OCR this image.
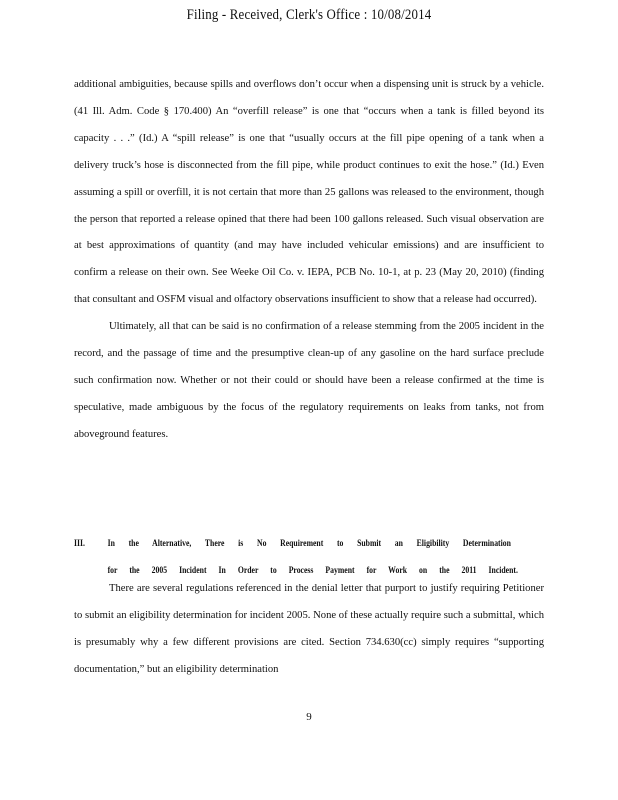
Filing - Received, Clerk's Office : 10/08/2014

additional ambiguities, because spills and overflows don’t occur when a dispensing unit is struck by a vehicle. (41 Ill. Adm. Code § 170.400) An “overfill release” is one that “occurs when a tank is filled beyond its capacity . . .” (Id.) A “spill release” is one that “usually occurs at the fill pipe opening of a tank when a delivery truck’s hose is disconnected from the fill pipe, while product continues to exit the hose.” (Id.) Even assuming a spill or overfill, it is not certain that more than 25 gallons was released to the environment, though the person that reported a release opined that there had been 100 gallons released. Such visual observation are at best approximations of quantity (and may have included vehicular emissions) and are insufficient to confirm a release on their own. See Weeke Oil Co. v. IEPA, PCB No. 10-1, at p. 23 (May 20, 2010) (finding that consultant and OSFM visual and olfactory observations insufficient to show that a release had occurred).

Ultimately, all that can be said is no confirmation of a release stemming from the 2005 incident in the record, and the passage of time and the presumptive clean-up of any gasoline on the hard surface preclude such confirmation now. Whether or not their could or should have been a release confirmed at the time is speculative, made ambiguous by the focus of the regulatory requirements on leaks from tanks, not from aboveground features.

III. In the Alternative, There is No Requirement to Submit an Eligibility Determination
for the 2005 Incident In Order to Process Payment for Work on the 2011 Incident.

There are several regulations referenced in the denial letter that purport to justify requiring Petitioner to submit an eligibility determination for incident 2005. None of these actually require such a submittal, which is presumably why a few different provisions are cited. Section 734.630(cc) simply requires “supporting documentation,” but an eligibility determination

9
